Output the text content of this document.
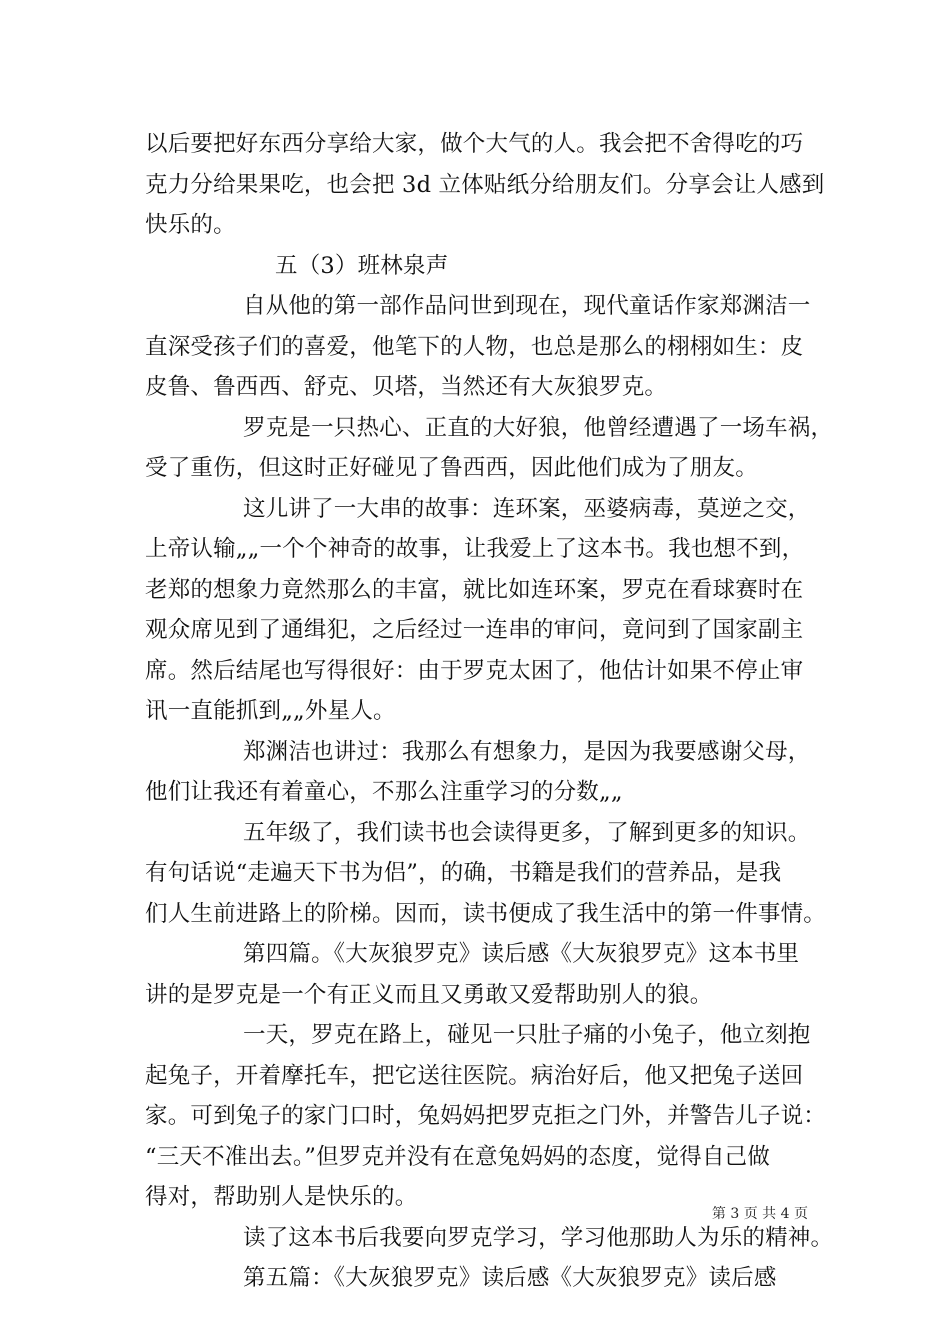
以后要把好东西分享给大家，做个大气的人。我会把不舍得吃的巧
克力分给果果吃，也会把 3d 立体贴纸分给朋友们。分享会让人感到
快乐的。
五（3）班林泉声
自从他的第一部作品问世到现在，现代童话作家郑渊洁一
直深受孩子们的喜爱，他笔下的人物，也总是那么的栩栩如生：皮
皮鲁、鲁西西、舒克、贝塔，当然还有大灰狼罗克。
罗克是一只热心、正直的大好狼，他曾经遭遇了一场车祸，
受了重伤，但这时正好碰见了鲁西西，因此他们成为了朋友。
这儿讲了一大串的故事：连环案，巫婆病毒，莫逆之交，
上帝认输„„一个个神奇的故事，让我爱上了这本书。我也想不到，
老郑的想象力竟然那么的丰富，就比如连环案，罗克在看球赛时在
观众席见到了通缉犯，之后经过一连串的审问，竟问到了国家副主
席。然后结尾也写得很好：由于罗克太困了，他估计如果不停止审
讯一直能抓到„„外星人。
郑渊洁也讲过：我那么有想象力，是因为我要感谢父母，
他们让我还有着童心，不那么注重学习的分数„„
五年级了，我们读书也会读得更多，了解到更多的知识。
有句话说“走遍天下书为侣”，的确，书籍是我们的营养品，是我
们人生前进路上的阶梯。因而，读书便成了我生活中的第一件事情。
第四篇。《大灰狼罗克》读后感《大灰狼罗克》这本书里
讲的是罗克是一个有正义而且又勇敢又爱帮助别人的狼。
一天，罗克在路上，碰见一只肚子痛的小兔子，他立刻抱
起兔子，开着摩托车，把它送往医院。病治好后，他又把兔子送回
家。可到兔子的家门口时，兔妈妈把罗克拒之门外，并警告儿子说：
“三天不准出去。”但罗克并没有在意兔妈妈的态度，觉得自己做
得对，帮助别人是快乐的。
读了这本书后我要向罗克学习，学习他那助人为乐的精神。
第五篇：《大灰狼罗克》读后感《大灰狼罗克》读后感
第 3 页 共 4 页
